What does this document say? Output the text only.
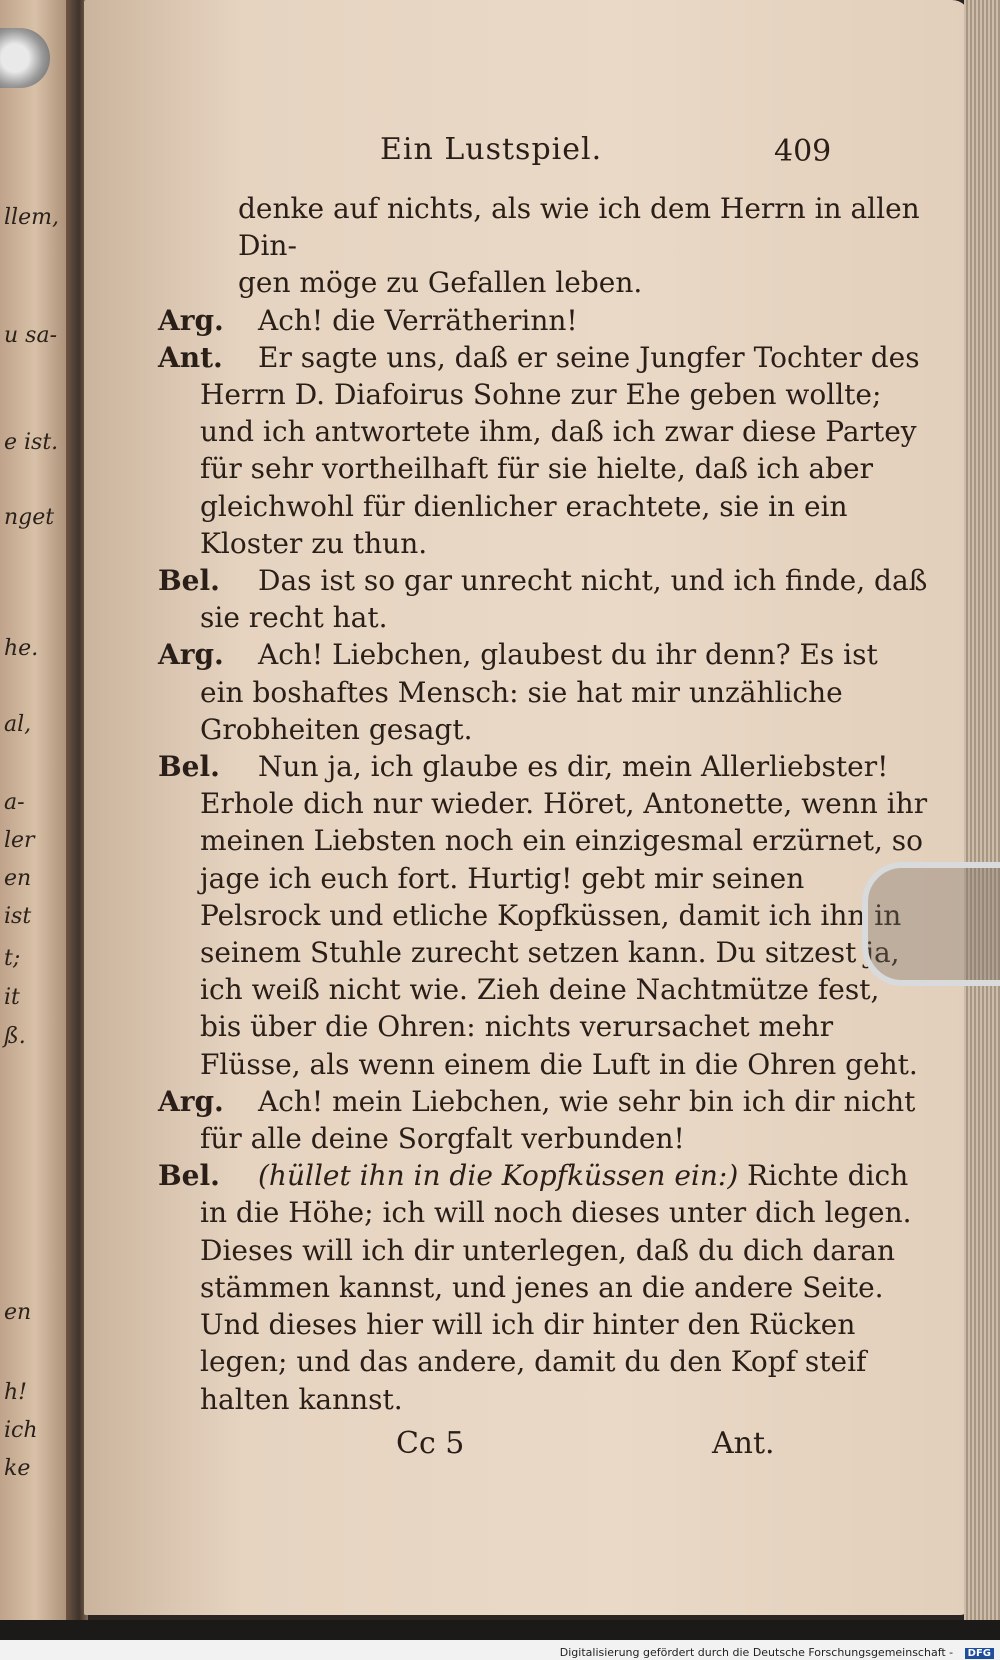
llem,
u sa-
e ist.
nget
he.
al,
a-
ler
en
ist
t;
it
ß.
en
h!
ich
ke
denke auf nichts, als wie ich dem Herrn in allen Din-
gen möge zu Gefallen leben.
Arg.	Ach! die Verrätherinn!
Ant.	Er sagte uns, daß er seine Jungfer Tochter des Herrn D. Diafoirus Sohne zur Ehe geben wollte; und ich antwortete ihm, daß ich zwar diese Partey für sehr vortheilhaft für sie hielte, daß ich aber gleichwohl für dienlicher erachtete, sie in ein Kloster zu thun.
Bel.	Das ist so gar unrecht nicht, und ich finde, daß sie recht hat.
Arg.	Ach! Liebchen, glaubest du ihr denn? Es ist ein boshaftes Mensch: sie hat mir unzähliche Grobheiten gesagt.
Bel.	Nun ja, ich glaube es dir, mein Allerliebster! Erhole dich nur wieder. Höret, Antonette, wenn ihr meinen Liebsten noch ein einzigesmal erzürnet, so jage ich euch fort. Hurtig! gebt mir seinen Pelsrock und etliche Kopfküssen, damit ich ihn in seinem Stuhle zurecht setzen kann. Du sitzest ja, ich weiß nicht wie. Zieh deine Nachtmütze fest, bis über die Ohren: nichts verursachet mehr Flüsse, als wenn einem die Luft in die Ohren geht.
Arg.	Ach! mein Liebchen, wie sehr bin ich dir nicht für alle deine Sorgfalt verbunden!
Bel.	(hüllet ihn in die Kopfküssen ein:) Richte dich in die Höhe; ich will noch dieses unter dich legen. Dieses will ich dir unterlegen, daß du dich daran stämmen kannst, und jenes an die andere Seite. Und dieses hier will ich dir hinter den Rücken legen; und das andere, damit du den Kopf steif halten kannst.
Ein Lustspiel.	409
Cc 5	Ant.
Digitalisierung gefördert durch die Deutsche Forschungsgemeinschaft - DFG
